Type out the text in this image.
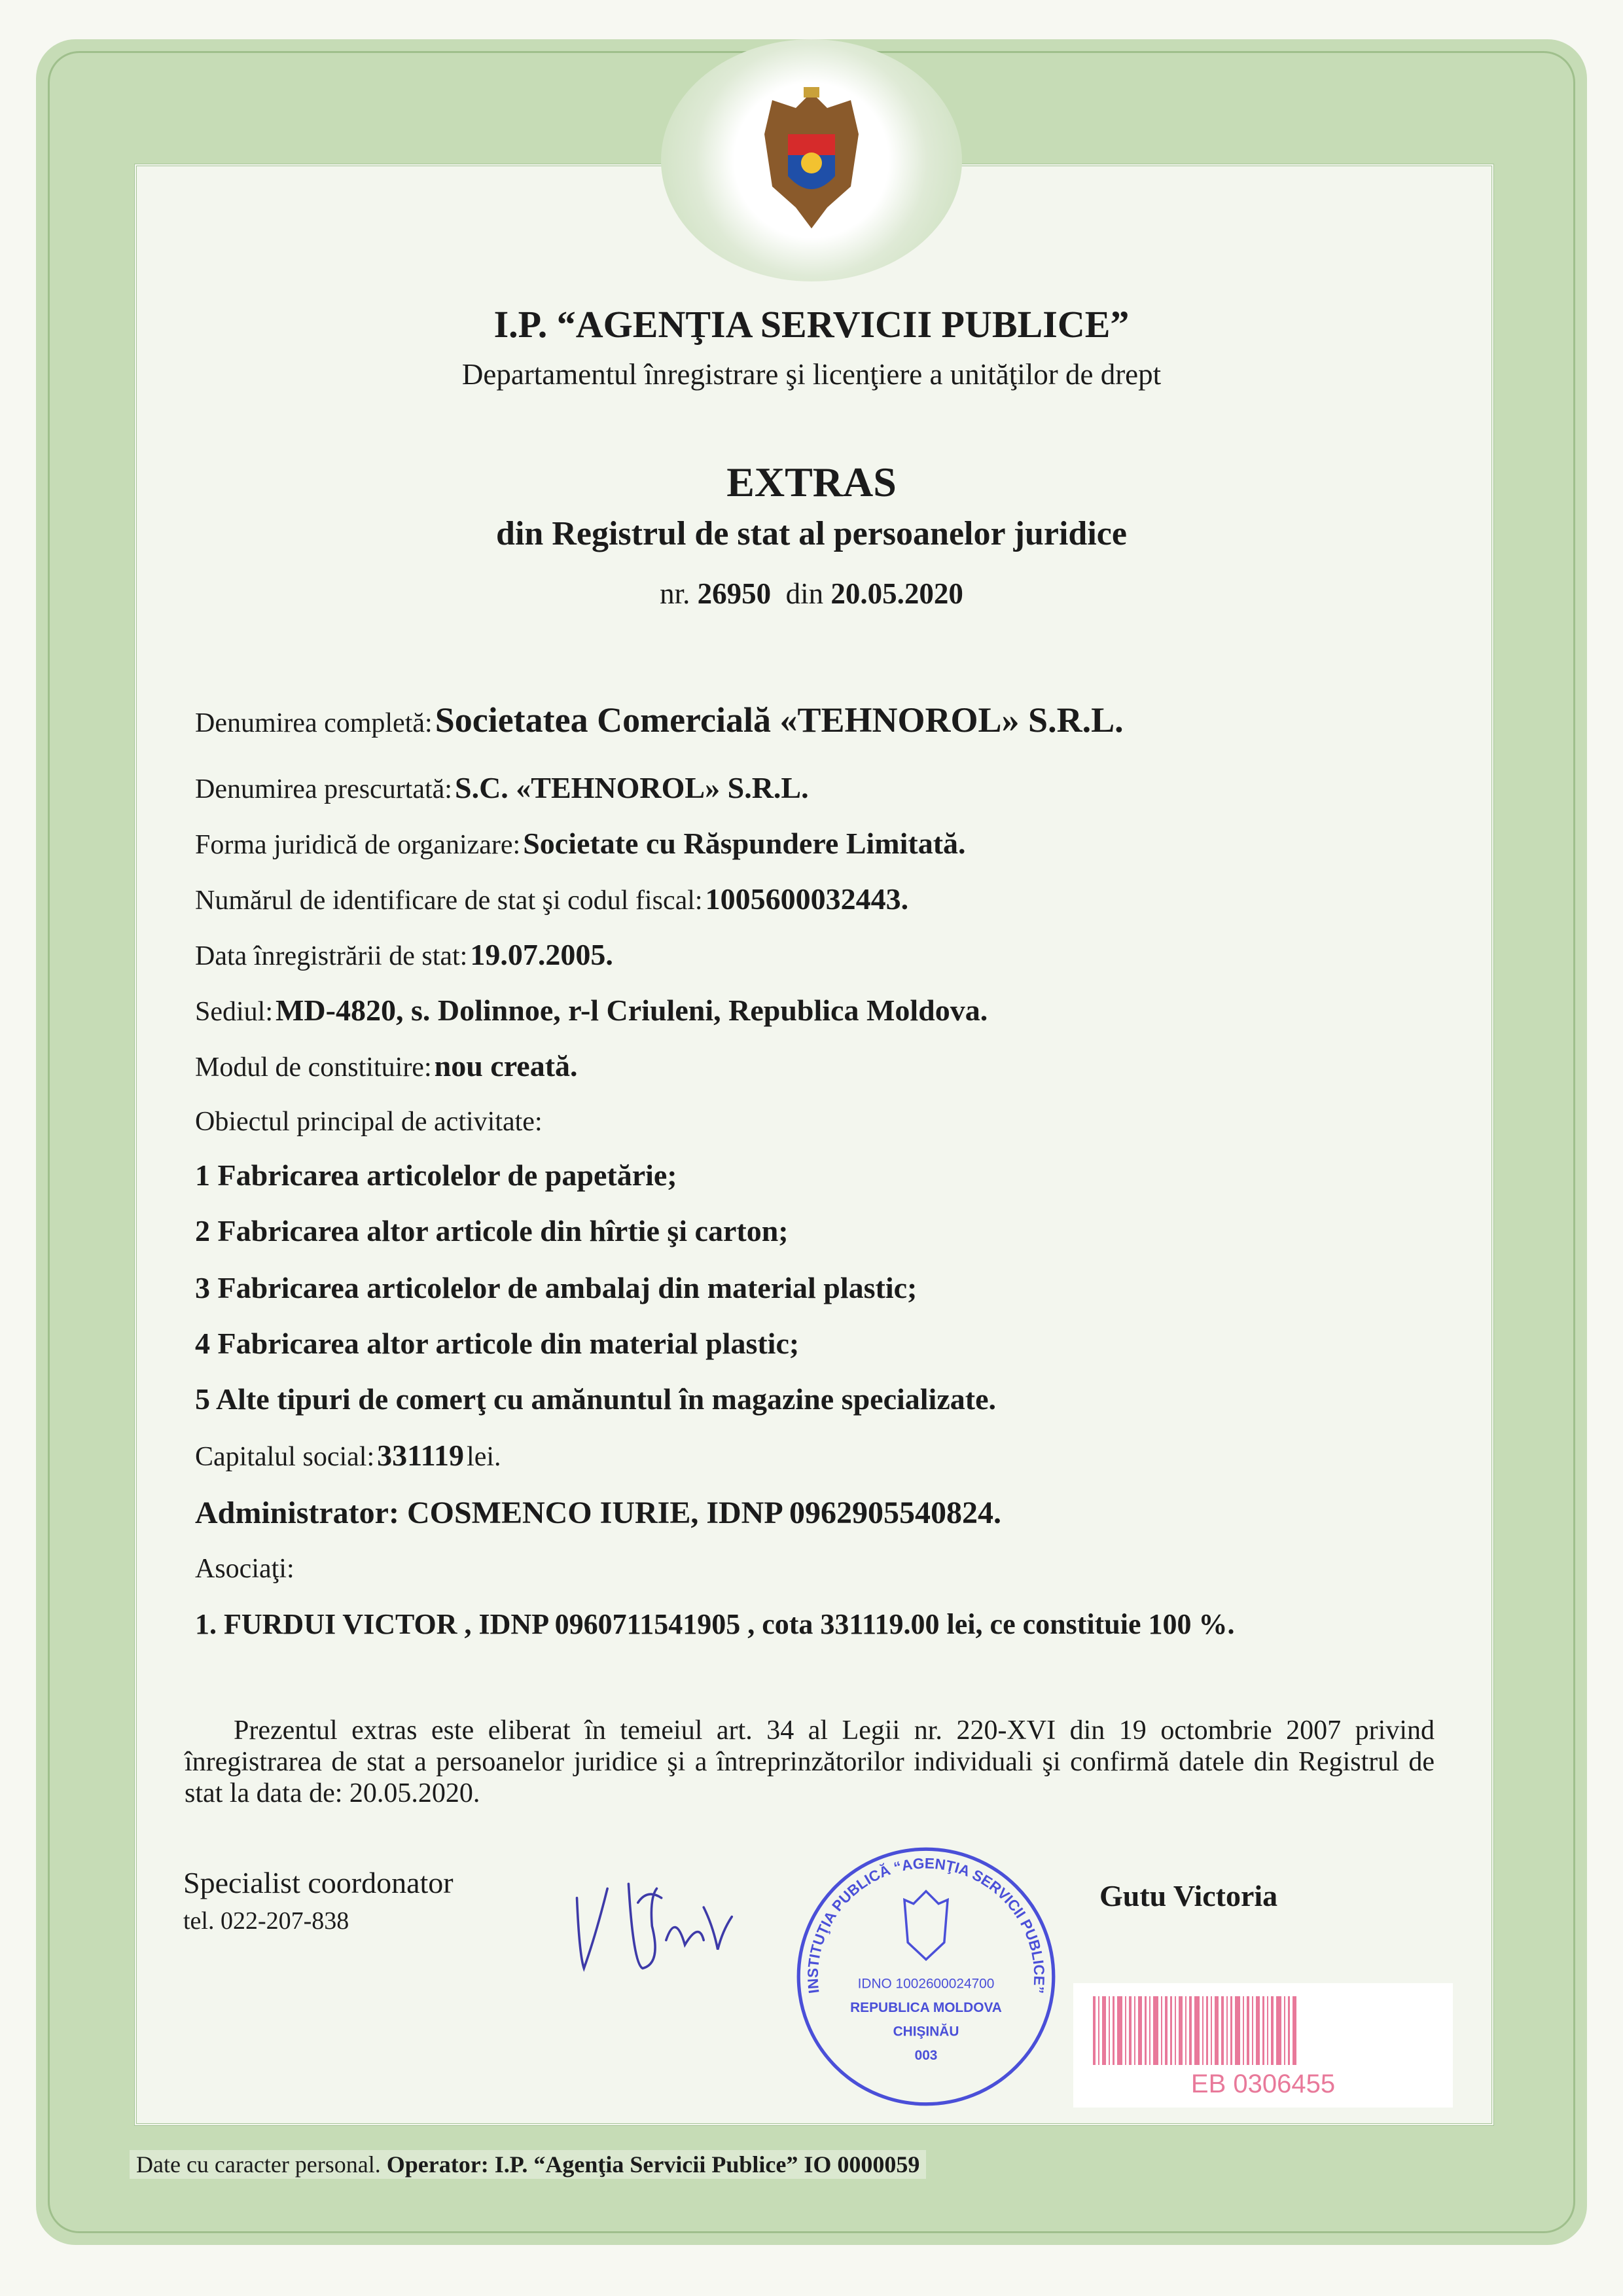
I.P. “AGENŢIA SERVICII PUBLICE”
Departamentul înregistrare şi licenţiere a unităţilor de drept
EXTRAS
din Registrul de stat al persoanelor juridice
nr. 26950 din 20.05.2020
Denumirea completă: Societatea Comercială «TEHNOROL» S.R.L.
Denumirea prescurtată: S.C. «TEHNOROL» S.R.L.
Forma juridică de organizare: Societate cu Răspundere Limitată.
Numărul de identificare de stat şi codul fiscal: 1005600032443.
Data înregistrării de stat: 19.07.2005.
Sediul: MD-4820, s. Dolinnoe, r-l Criuleni, Republica Moldova.
Modul de constituire: nou creată.
Obiectul principal de activitate:
1 Fabricarea articolelor de papetărie;
2 Fabricarea altor articole din hîrtie şi carton;
3 Fabricarea articolelor de ambalaj din material plastic;
4 Fabricarea altor articole din material plastic;
5 Alte tipuri de comerţ cu amănuntul în magazine specializate.
Capitalul social: 331119 lei.
Administrator: COSMENCO IURIE, IDNP 0962905540824.
Asociaţi:
1. FURDUI VICTOR , IDNP 0960711541905 , cota 331119.00 lei, ce constituie 100 %.
Prezentul extras este eliberat în temeiul art. 34 al Legii nr. 220-XVI din 19 octombrie 2007 privind înregistrarea de stat a persoanelor juridice şi a întreprinzătorilor individuali şi confirmă datele din Registrul de stat la data de: 20.05.2020.
Specialist coordonator
tel. 022-207-838
INSTITUŢIA PUBLICĂ “AGENŢIA SERVICII PUBLICE”
IDNO 1002600024700
REPUBLICA MOLDOVA
CHIŞINĂU
003
Gutu Victoria
EB 0306455
Date cu caracter personal. Operator: I.P. “Agenţia Servicii Publice” IO 0000059
